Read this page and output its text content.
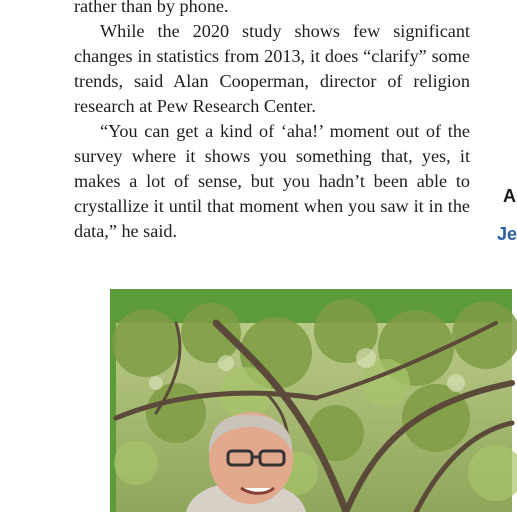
rather than by phone.

While the 2020 study shows few significant changes in statistics from 2013, it does “clarify” some trends, said Alan Cooperman, director of religion research at Pew Research Center.

“You can get a kind of ‘aha!’ moment out of the survey where it shows you something that, yes, it makes a lot of sense, but you hadn’t been able to crystallize it until that moment when you saw it in the data,” he said.

A
Je
